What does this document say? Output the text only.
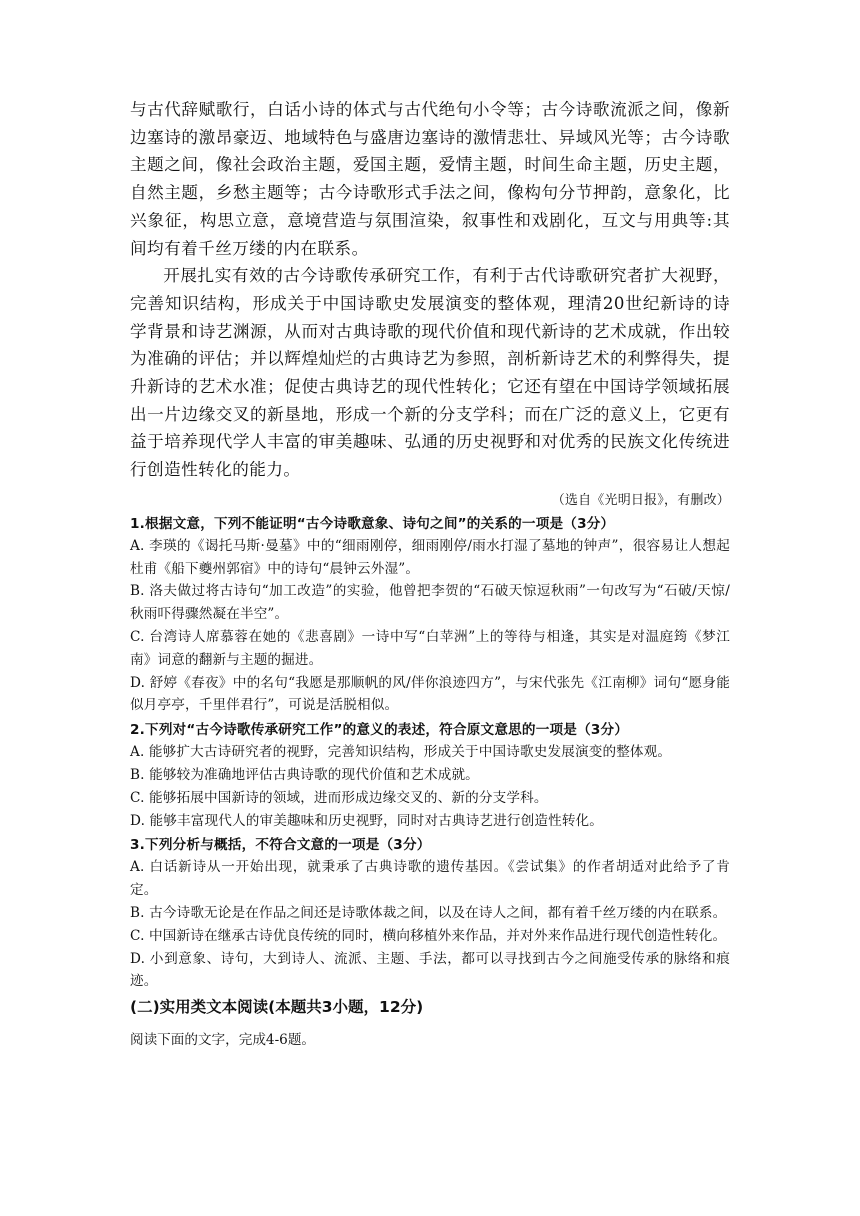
与古代辞赋歌行，白话小诗的体式与古代绝句小令等；古今诗歌流派之间，像新边塞诗的激昂豪迈、地域特色与盛唐边塞诗的激情悲壮、异域风光等；古今诗歌主题之间，像社会政治主题，爱国主题，爱情主题，时间生命主题，历史主题，自然主题，乡愁主题等；古今诗歌形式手法之间，像构句分节押韵，意象化，比兴象征，构思立意，意境营造与氛围渲染，叙事性和戏剧化，互文与用典等:其间均有着千丝万缕的内在联系。

开展扎实有效的古今诗歌传承研究工作，有利于古代诗歌研究者扩大视野，完善知识结构，形成关于中国诗歌史发展演变的整体观，理清20世纪新诗的诗学背景和诗艺渊源，从而对古典诗歌的现代价值和现代新诗的艺术成就，作出较为准确的评估；并以辉煌灿烂的古典诗艺为参照，剖析新诗艺术的利弊得失，提升新诗的艺术水准；促使古典诗艺的现代性转化；它还有望在中国诗学领域拓展出一片边缘交叉的新垦地，形成一个新的分支学科；而在广泛的意义上，它更有益于培养现代学人丰富的审美趣味、弘通的历史视野和对优秀的民族文化传统进行创造性转化的能力。

（选自《光明日报》，有删改）
1.根据文意，下列不能证明“古今诗歌意象、诗句之间”的关系的一项是（3分）

A. 李瑛的《谒托马斯·曼墓》中的“细雨刚停，细雨刚停/雨水打湿了墓地的钟声”，很容易让人想起杜甫《船下夔州郭宿》中的诗句“晨钟云外湿”。

B. 洛夫做过将古诗句“加工改造”的实验，他曾把李贺的“石破天惊逗秋雨”一句改写为“石破/天惊/秋雨吓得骤然凝在半空”。

C. 台湾诗人席慕蓉在她的《悲喜剧》一诗中写“白苹洲”上的等待与相逢，其实是对温庭筠《梦江南》词意的翻新与主题的掘进。

D. 舒婷《春夜》中的名句“我愿是那顺帆的风/伴你浪迹四方”，与宋代张先《江南柳》词句“愿身能似月亭亭，千里伴君行”，可说是活脱相似。

2.下列对“古今诗歌传承研究工作”的意义的表述，符合原文意思的一项是（3分）

A. 能够扩大古诗研究者的视野，完善知识结构，形成关于中国诗歌史发展演变的整体观。

B. 能够较为准确地评估古典诗歌的现代价值和艺术成就。

C. 能够拓展中国新诗的领域，进而形成边缘交叉的、新的分支学科。

D. 能够丰富现代人的审美趣味和历史视野，同时对古典诗艺进行创造性转化。

3.下列分析与概括，不符合文意的一项是（3分）

A. 白话新诗从一开始出现，就秉承了古典诗歌的遗传基因。《尝试集》的作者胡适对此给予了肯定。

B. 古今诗歌无论是在作品之间还是诗歌体裁之间，以及在诗人之间，都有着千丝万缕的内在联系。

C. 中国新诗在继承古诗优良传统的同时，横向移植外来作品，并对外来作品进行现代创造性转化。

D. 小到意象、诗句，大到诗人、流派、主题、手法，都可以寻找到古今之间施受传承的脉络和痕迹。

(二)实用类文本阅读(本题共3小题，12分)
阅读下面的文字，完成4-6题。
